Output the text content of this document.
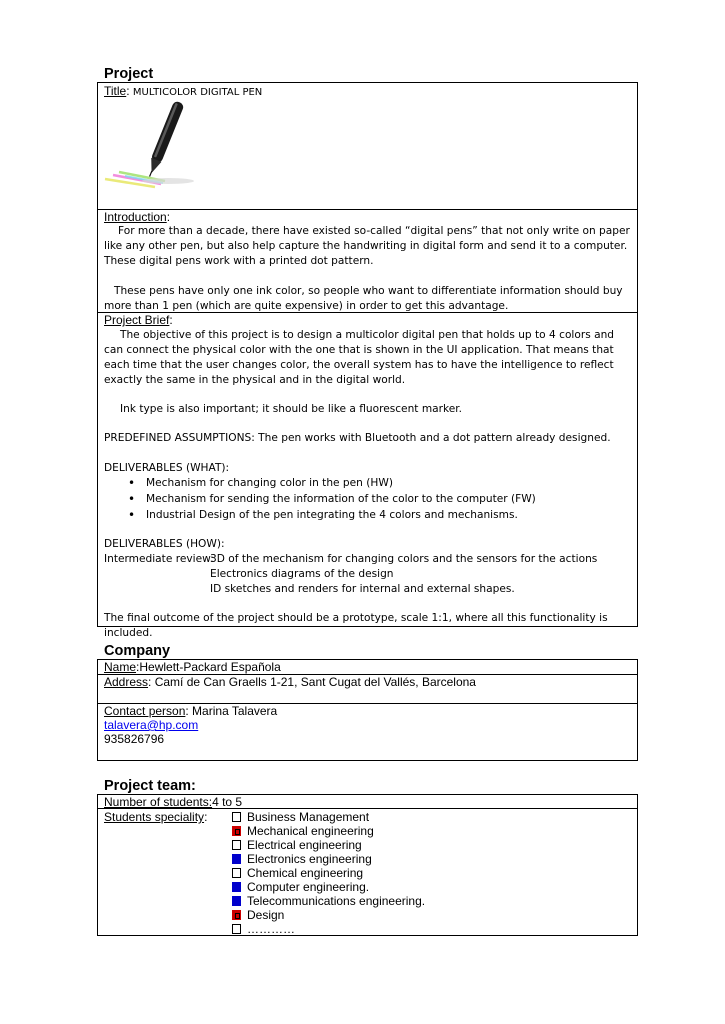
Project
Title: MULTICOLOR DIGITAL PEN
Introduction:
For more than a decade, there have existed so-called “digital pens” that not only write on paper like any other pen, but also help capture the handwriting in digital form and send it to a computer. These digital pens work with a printed dot pattern.
These pens have only one ink color, so people who want to differentiate information should buy more than 1 pen (which are quite expensive) in order to get this advantage.
Project Brief:
The objective of this project is to design a multicolor digital pen that holds up to 4 colors and can connect the physical color with the one that is shown in the UI application. That means that each time that the user changes color, the overall system has to have the intelligence to reflect exactly the same in the physical and in the digital world.
Ink type is also important; it should be like a fluorescent marker.
PREDEFINED ASSUMPTIONS: The pen works with Bluetooth and a dot pattern already designed.
DELIVERABLES (WHAT):
• Mechanism for changing color in the pen (HW)
• Mechanism for sending the information of the color to the computer (FW)
• Industrial Design of the pen integrating the 4 colors and mechanisms.
DELIVERABLES (HOW):
Intermediate review:
3D of the mechanism for changing colors and the sensors for the actions
Electronics diagrams of the design
ID sketches and renders for internal and external shapes.
The final outcome of the project should be a prototype, scale 1:1, where all this functionality is included.
Company
Name:Hewlett-Packard Española
Address: Camí de Can Graells 1-21, Sant Cugat del Vallés, Barcelona
Contact person: Marina Talavera
talavera@hp.com
935826796
Project team:
Number of students:4 to 5
Students speciality:	Business Management
Mechanical engineering
Electrical engineering
Electronics engineering
Chemical engineering
Computer engineering.
Telecommunications engineering.
Design
…………
